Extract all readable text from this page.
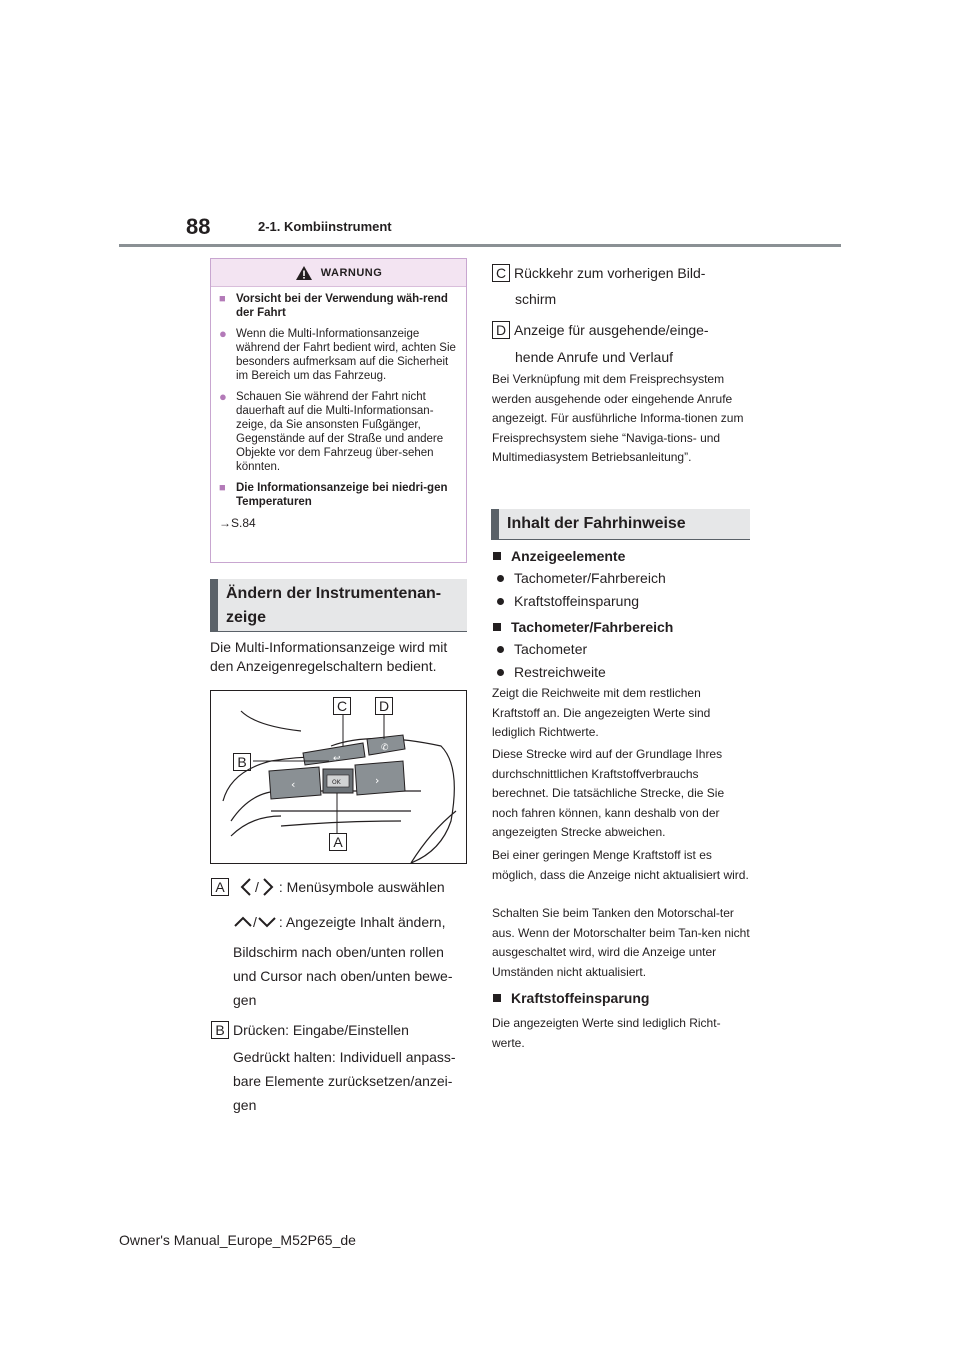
88	2-1. Kombiinstrument
WARNUNG
■ Vorsicht bei der Verwendung wäh-rend der Fahrt
● Wenn die Multi-Informationsanzeige während der Fahrt bedient wird, achten Sie besonders aufmerksam auf die Sicherheit im Bereich um das Fahrzeug.
● Schauen Sie während der Fahrt nicht dauerhaft auf die Multi-Informationsan-zeige, da Sie ansonsten Fußgänger, Gegenstände auf der Straße und andere Objekte vor dem Fahrzeug über-sehen könnten.
■ Die Informationsanzeige bei niedri-gen Temperaturen
→S.84
Ändern der Instrumentenan-
zeige
Die Multi-Informationsanzeige wird mit den Anzeigenregelschaltern bedient.
↩
✆
OK
‹	›
C D
B
A
A	/ : Menüsymbole auswählen
/ : Angezeigte Inhalt ändern,
Bildschirm nach oben/unten rollen
und Cursor nach oben/unten bewe-
gen
B Drücken: Eingabe/Einstellen
Gedrückt halten: Individuell anpass-
bare Elemente zurücksetzen/anzei-
gen
C Rückkehr zum vorherigen Bild-
schirm
D Anzeige für ausgehende/einge-
hende Anrufe und Verlauf
Bei Verknüpfung mit dem Freisprechsystem werden ausgehende oder eingehende Anrufe angezeigt. Für ausführliche Informa-tionen zum Freisprechsystem siehe “Naviga-tions- und Multimediasystem Betriebsanleitung”.
Inhalt der Fahrhinweise
Anzeigeelemente
Tachometer/Fahrbereich
Kraftstoffeinsparung
Tachometer/Fahrbereich
Tachometer
Restreichweite
Zeigt die Reichweite mit dem restlichen Kraftstoff an. Die angezeigten Werte sind lediglich Richtwerte.
Diese Strecke wird auf der Grundlage Ihres durchschnittlichen Kraftstoffverbrauchs berechnet. Die tatsächliche Strecke, die Sie noch fahren können, kann deshalb von der angezeigten Strecke abweichen.
Bei einer geringen Menge Kraftstoff ist es möglich, dass die Anzeige nicht aktualisiert wird.
Schalten Sie beim Tanken den Motorschal-ter aus. Wenn der Motorschalter beim Tan-ken nicht ausgeschaltet wird, wird die Anzeige unter Umständen nicht aktualisiert.
Kraftstoffeinsparung
Die angezeigten Werte sind lediglich Richt-werte.
Owner's Manual_Europe_M52P65_de
